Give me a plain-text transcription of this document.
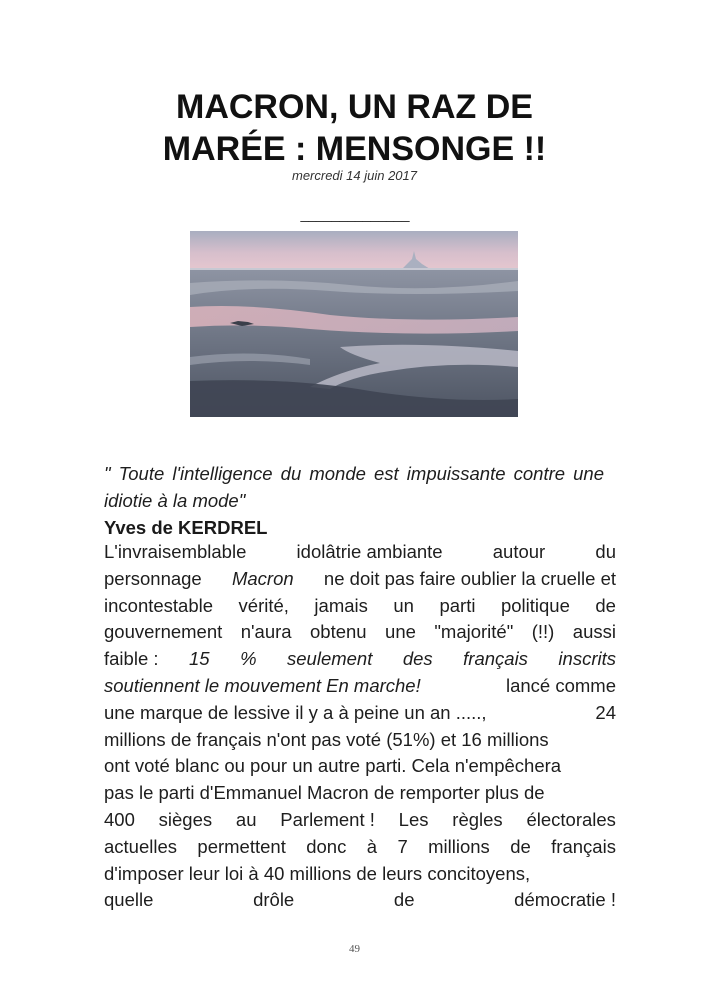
MACRON, UN RAZ DE
MARÉE : MENSONGE !!
mercredi 14 juin 2017
______________
" Toute l'intelligence du monde est impuissante contre une idiotie à la mode"
Yves de KERDREL
L'invraisemblable	idolâtrie ambiante	autour	du
personnage Macron ne doit pas faire oublier la cruelle et
incontestable vérité, jamais un parti politique de
gouvernement n'aura obtenu une "majorité" (!!) aussi
faible : 15 % seulement des français inscrits
soutiennent le mouvement En marche!	lancé comme
une marque de lessive il y a à peine un an .....,	24
millions de français n'ont pas voté (51%) et 16 millions
ont voté blanc ou pour un autre parti. Cela n'empêchera
pas le parti d'Emmanuel Macron de remporter plus de
400 sièges au Parlement ! Les règles électorales
actuelles permettent donc à 7 millions de français
d'imposer leur loi à 40 millions de leurs concitoyens,
quelle	drôle	de	démocratie !
49
